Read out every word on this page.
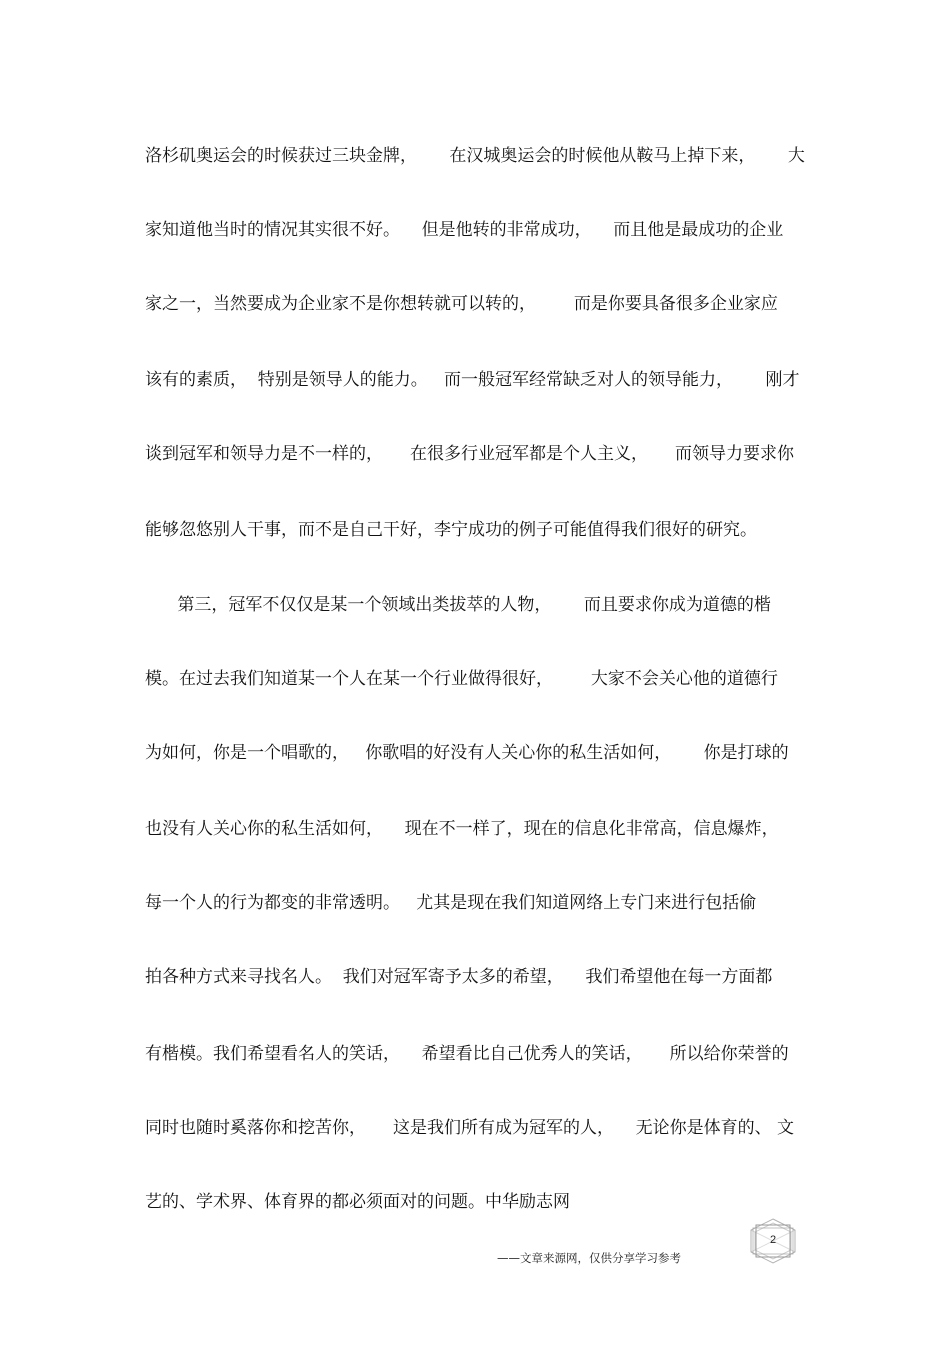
洛杉矶奥运会的时候获过三块金牌，      在汉城奥运会的时候他从鞍马上掉下来，      大
家知道他当时的情况其实很不好。    但是他转的非常成功，    而且他是最成功的企业
家之一，当然要成为企业家不是你想转就可以转的，       而是你要具备很多企业家应
该有的素质，  特别是领导人的能力。   而一般冠军经常缺乏对人的领导能力，      刚才
谈到冠军和领导力是不一样的，     在很多行业冠军都是个人主义，     而领导力要求你
能够忽悠别人干事，而不是自己干好，李宁成功的例子可能值得我们很好的研究。
第三，冠军不仅仅是某一个领域出类拔萃的人物，      而且要求你成为道德的楷
模。在过去我们知道某一个人在某一个行业做得很好，       大家不会关心他的道德行
为如何，你是一个唱歌的，   你歌唱的好没有人关心你的私生活如何，      你是打球的
也没有人关心你的私生活如何，    现在不一样了，现在的信息化非常高，信息爆炸，
每一个人的行为都变的非常透明。   尤其是现在我们知道网络上专门来进行包括偷
拍各种方式来寻找名人。  我们对冠军寄予太多的希望，    我们希望他在每一方面都
有楷模。我们希望看名人的笑话，    希望看比自己优秀人的笑话，     所以给你荣誉的
同时也随时奚落你和挖苦你，     这是我们所有成为冠军的人，    无论你是体育的、 文
艺的、学术界、体育界的都必须面对的问题。中华励志网
2
——文章来源网，仅供分享学习参考
